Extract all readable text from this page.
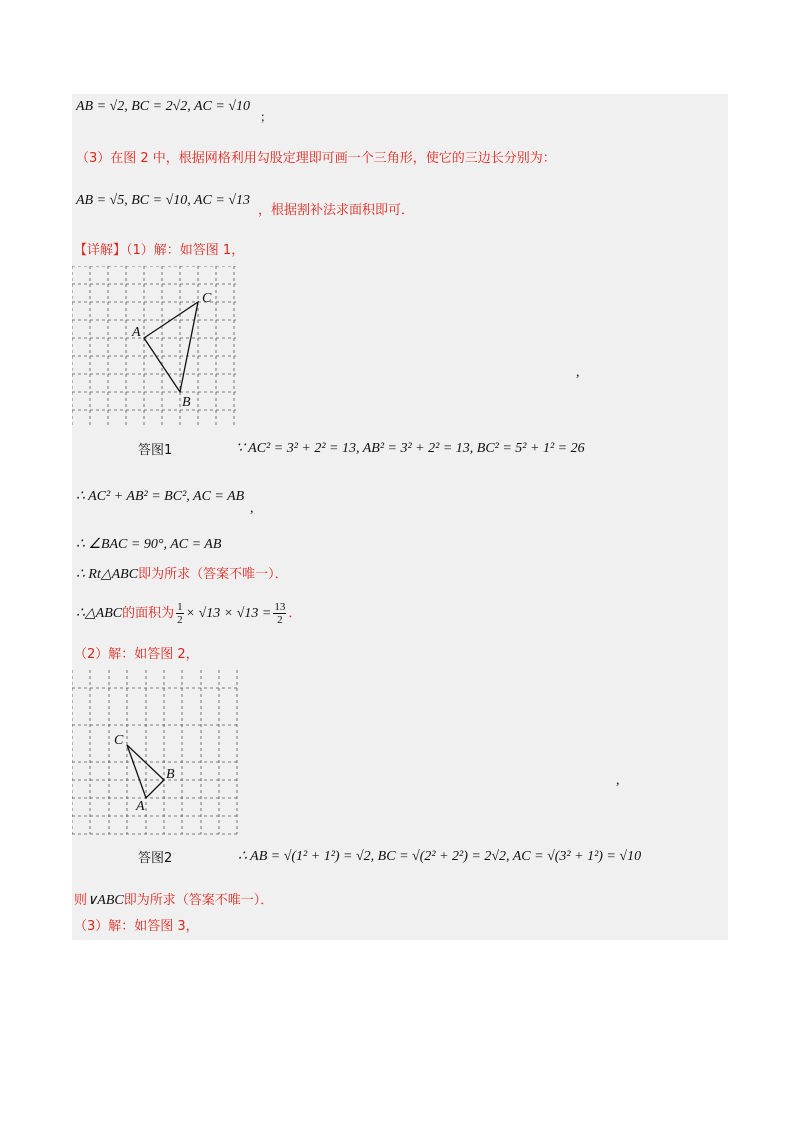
AB = √2, BC = 2√2, AC = √10
；
（3）在图 2 中，根据网格利用勾股定理即可画一个三角形，使它的三边长分别为：
AB = √5, BC = √10, AC = √13
，根据割补法求面积即可．
【详解】（1）解：如答图 1，
A
C
B
,
答图1	∵ AC² = 3² + 2² = 13, AB² = 3² + 2² = 13, BC² = 5² + 1² = 26
∴ AC² + AB² = BC², AC = AB
,
∴ ∠BAC = 90°, AC = AB
∴ Rt△ABC即为所求（答案不唯一）．
∴△ABC的面积为 $\frac{1}{2} \times √13 \times √13 = \frac{13}{2}$ ．
（2）解：如答图 2，
C
B
A
,
答图2	∴ AB = √(1² + 1²) = √2, BC = √(2² + 2²) = 2√2, AC = √(3² + 1²) = √10
则∨ABC即为所求（答案不唯一）．
（3）解：如答图 3，
